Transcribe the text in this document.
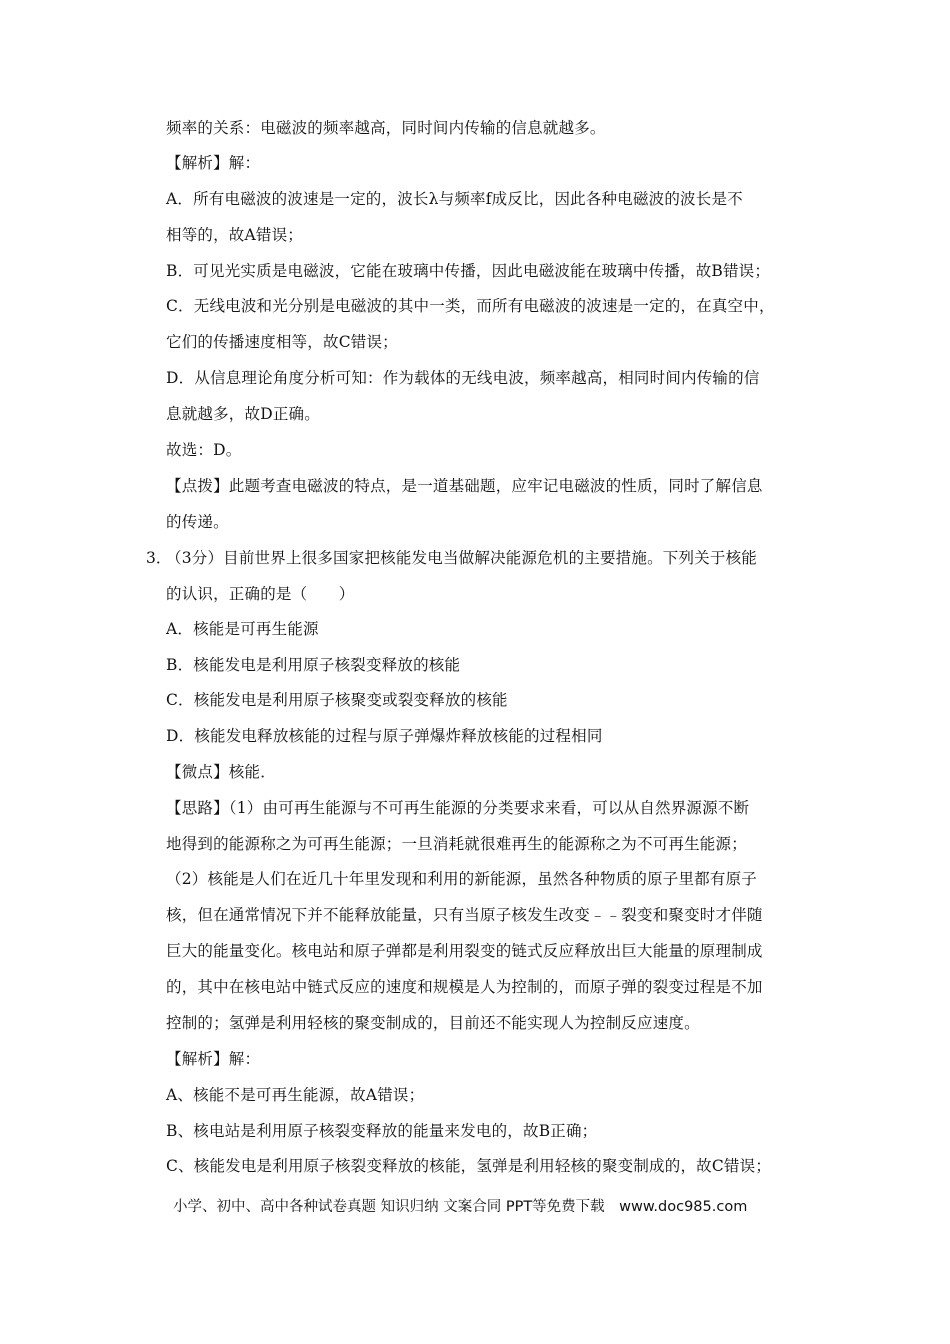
频率的关系：电磁波的频率越高，同时间内传输的信息就越多。
【解析】解：
A．所有电磁波的波速是一定的，波长λ与频率f成反比，因此各种电磁波的波长是不
相等的，故A错误；
B．可见光实质是电磁波，它能在玻璃中传播，因此电磁波能在玻璃中传播，故B错误；
C．无线电波和光分别是电磁波的其中一类，而所有电磁波的波速是一定的，在真空中，
它们的传播速度相等，故C错误；
D．从信息理论角度分析可知：作为载体的无线电波，频率越高，相同时间内传输的信
息就越多，故D正确。
故选：D。
【点拨】此题考查电磁波的特点，是一道基础题，应牢记电磁波的性质，同时了解信息
的传递。
3．
（3分）目前世界上很多国家把核能发电当做解决能源危机的主要措施。下列关于核能
的认识，正确的是（　　）
A．核能是可再生能源
B．核能发电是利用原子核裂变释放的核能
C．核能发电是利用原子核聚变或裂变释放的核能
D．核能发电释放核能的过程与原子弹爆炸释放核能的过程相同
【微点】核能．
【思路】（1）由可再生能源与不可再生能源的分类要求来看，可以从自然界源源不断
地得到的能源称之为可再生能源；一旦消耗就很难再生的能源称之为不可再生能源；
（2）核能是人们在近几十年里发现和利用的新能源，虽然各种物质的原子里都有原子
核，但在通常情况下并不能释放能量，只有当原子核发生改变﹣﹣裂变和聚变时才伴随
巨大的能量变化。核电站和原子弹都是利用裂变的链式反应释放出巨大能量的原理制成
的，其中在核电站中链式反应的速度和规模是人为控制的，而原子弹的裂变过程是不加
控制的；氢弹是利用轻核的聚变制成的，目前还不能实现人为控制反应速度。
【解析】解：
A、核能不是可再生能源，故A错误；
B、核电站是利用原子核裂变释放的能量来发电的，故B正确；
C、核能发电是利用原子核裂变释放的核能，氢弹是利用轻核的聚变制成的，故C错误；
小学、初中、高中各种试卷真题 知识归纳 文案合同 PPT等免费下载　www.doc985.com
